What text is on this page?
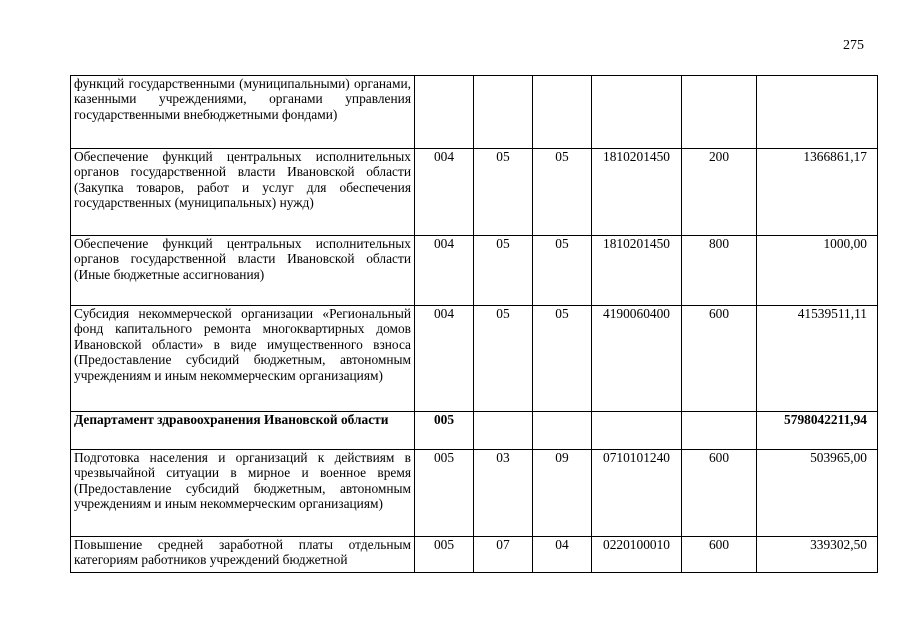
275
функций государственными (муниципальными) органами, казенными учреждениями, органами управления государственными внебюджетными фондами)						
Обеспечение функций центральных исполнительных органов государственной власти Ивановской области (Закупка товаров, работ и услуг для обеспечения государственных (муниципальных) нужд)	004	05	05	1810201450	200	1366861,17
Обеспечение функций центральных исполнительных органов государственной власти Ивановской области (Иные бюджетные ассигнования)	004	05	05	1810201450	800	1000,00
Субсидия некоммерческой организации «Региональный фонд капитального ремонта многоквартирных домов Ивановской области» в виде имущественного взноса (Предоставление субсидий бюджетным, автономным учреждениям и иным некоммерческим организациям)	004	05	05	4190060400	600	41539511,11
Департамент здравоохранения Ивановской области	005					5798042211,94
Подготовка населения и организаций к действиям в чрезвычайной ситуации в мирное и военное время (Предоставление субсидий бюджетным, автономным учреждениям и иным некоммерческим организациям)	005	03	09	0710101240	600	503965,00
Повышение средней заработной платы отдельным категориям работников учреждений бюджетной	005	07	04	0220100010	600	339302,50
